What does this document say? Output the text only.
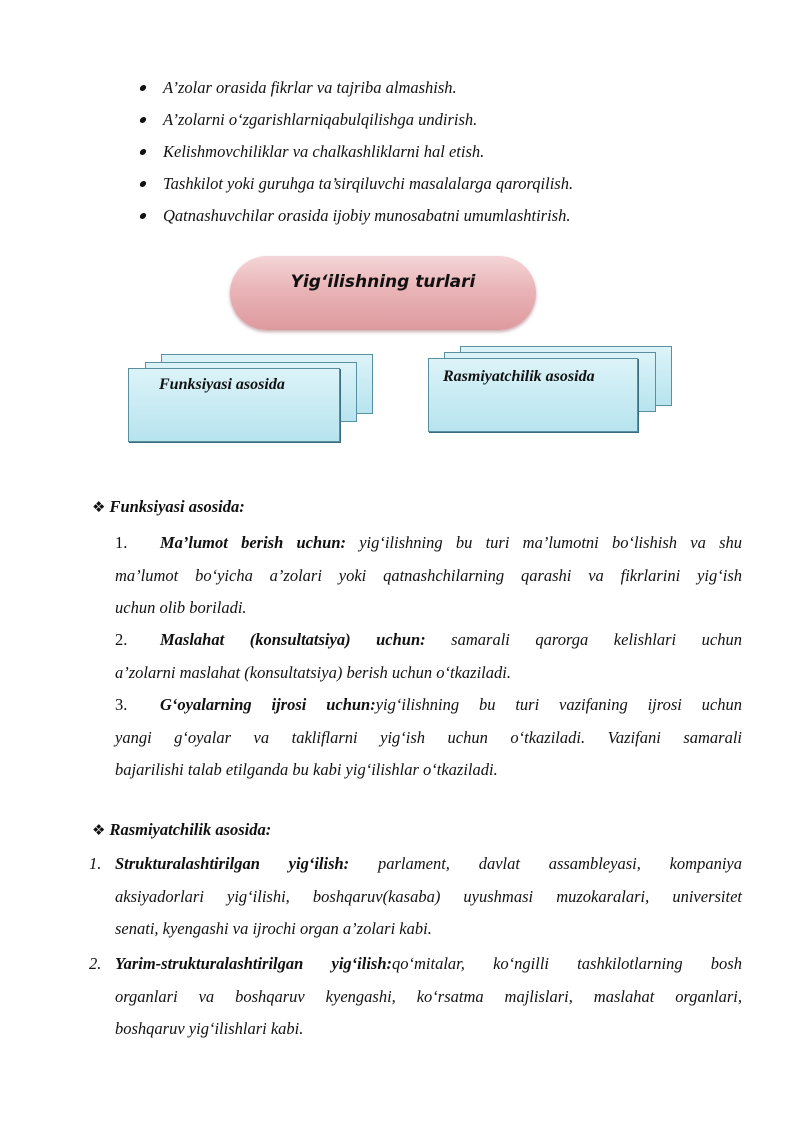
A’zolar orasida fikrlar va tajriba almashish.
A’zolarni o‘zgarishlarniqabulqilishga undirish.
Kelishmovchiliklar va chalkashliklarni hal etish.
Tashkilot yoki guruhga ta’sirqiluvchi masalalarga qarorqilish.
Qatnashuvchilar orasida ijobiy munosabatni umumlashtirish.
Yig‘ilishning turlari
Funksiyasi asosida	Rasmiyatchilik asosida
❖ Funksiyasi asosida:
1. Ma’lumot berish uchun: yig‘ilishning bu turi ma’lumotni bo‘lishish va shu
ma’lumot bo‘yicha a’zolari yoki qatnashchilarning qarashi va fikrlarini yig‘ish
uchun olib boriladi.
2. Maslahat (konsultatsiya) uchun: samarali qarorga kelishlari uchun
a’zolarni maslahat (konsultatsiya) berish uchun o‘tkaziladi.
3. G‘oyalarning ijrosi uchun:yig‘ilishning bu turi vazifaning ijrosi uchun
yangi g‘oyalar va takliflarni yig‘ish uchun o‘tkaziladi. Vazifani samarali
bajarilishi talab etilganda bu kabi yig‘ilishlar o‘tkaziladi.
❖ Rasmiyatchilik asosida:
1. Strukturalashtirilgan yig‘ilish: parlament, davlat assambleyasi, kompaniya
aksiyadorlari yig‘ilishi, boshqaruv(kasaba) uyushmasi muzokaralari, universitet
senati, kyengashi va ijrochi organ a’zolari kabi.
2. Yarim-strukturalashtirilgan yig‘ilish:qo‘mitalar, ko‘ngilli tashkilotlarning bosh
organlari va boshqaruv kyengashi, ko‘rsatma majlislari, maslahat organlari,
boshqaruv yig‘ilishlari kabi.
